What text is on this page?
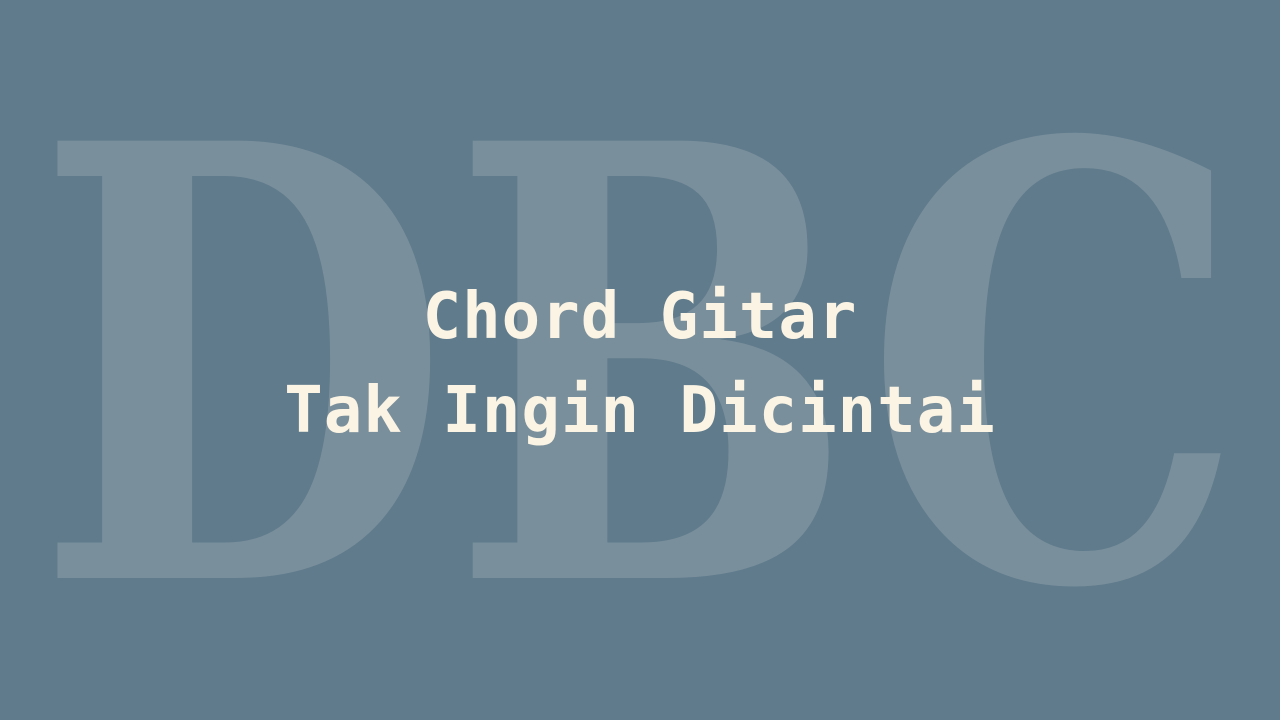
DBC
Chord Gitar
Tak Ingin Dicintai
